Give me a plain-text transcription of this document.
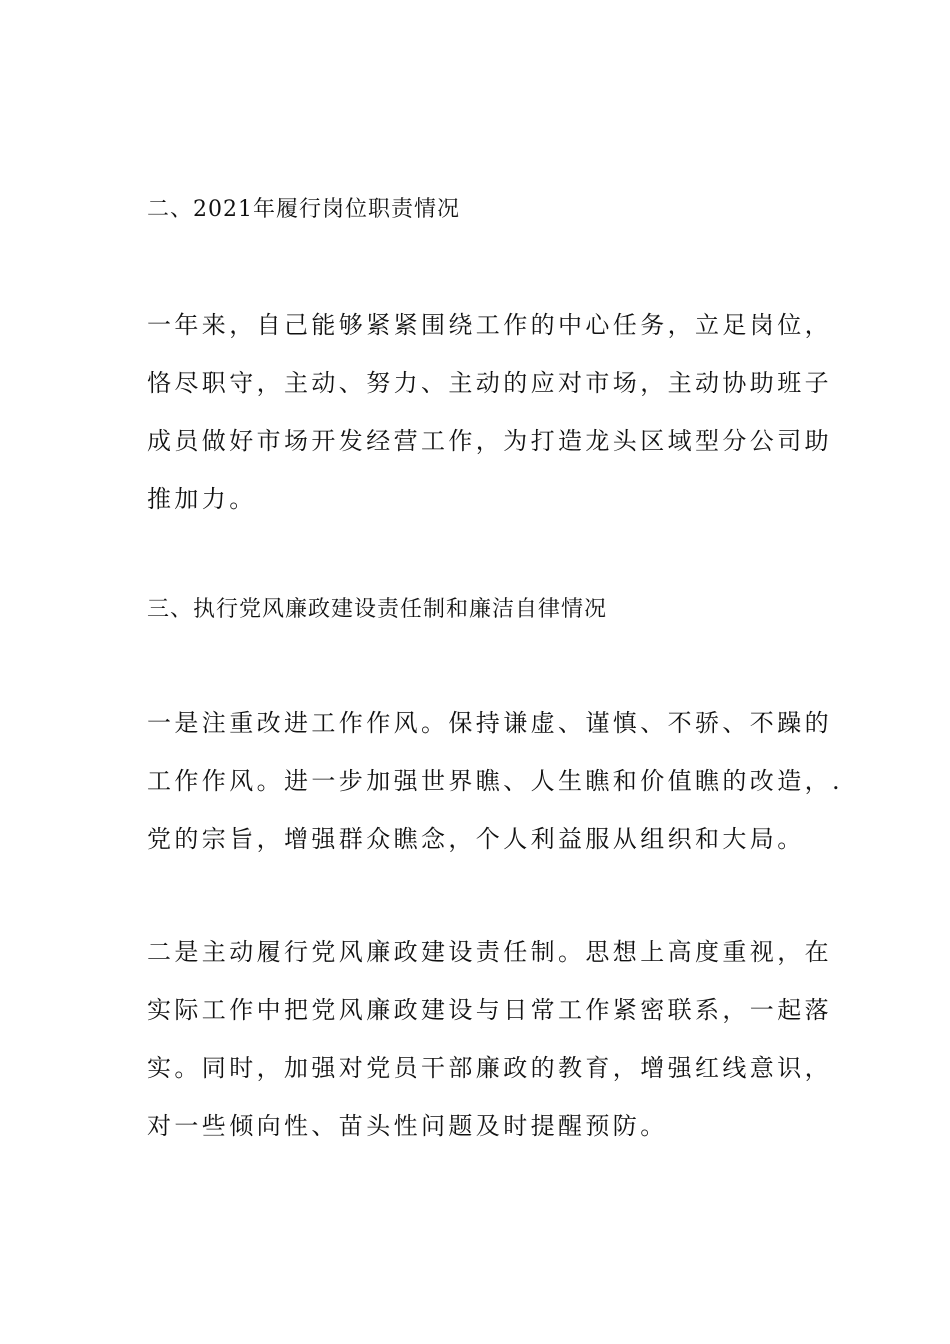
二、2021年履行岗位职责情况
一年来，自己能够紧紧围绕工作的中心任务，立足岗位，
恪尽职守，主动、努力、主动的应对市场，主动协助班子
成员做好市场开发经营工作，为打造龙头区域型分公司助
推加力。
三、执行党风廉政建设责任制和廉洁自律情况
一是注重改进工作作风。保持谦虚、谨慎、不骄、不躁的
工作作风。进一步加强世界瞧、人生瞧和价值瞧的改造，.
党的宗旨，增强群众瞧念，个人利益服从组织和大局。
二是主动履行党风廉政建设责任制。思想上高度重视，在
实际工作中把党风廉政建设与日常工作紧密联系，一起落
实。同时，加强对党员干部廉政的教育，增强红线意识，
对一些倾向性、苗头性问题及时提醒预防。
